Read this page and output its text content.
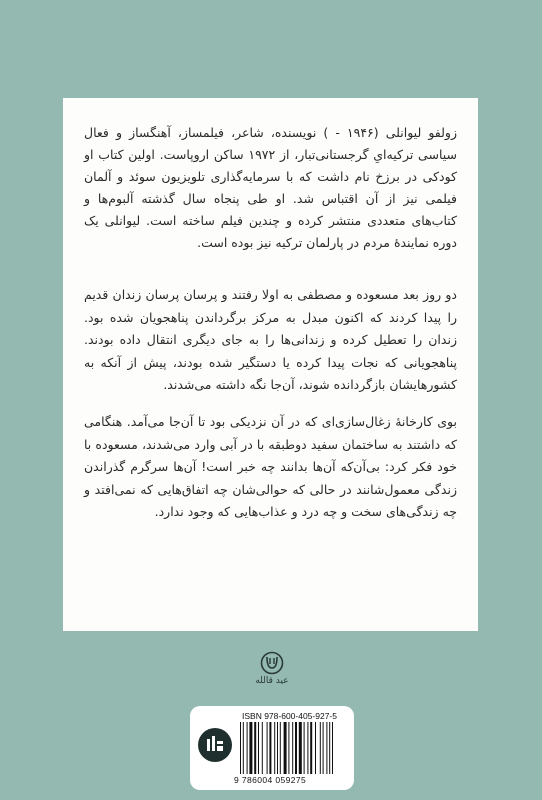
زولفو لیوانلی (۱۹۴۶ - ) نویسنده، شاعر، فیلمساز، آهنگساز و فعال سیاسی ترکیه‌ایِ گرجستانی‌تبار، از ۱۹۷۲ ساکن اروپاست. اولین کتاب او کودکی در برزخ نام داشت که با سرمایه‌گذاری تلویزیون سوئد و آلمان فیلمی نیز از آن اقتباس شد. او طی پنجاه سال گذشته آلبوم‌ها و کتاب‌های متعددی منتشر کرده و چندین فیلم ساخته است. لیوانلی یک دوره نمایندهٔ مردم در پارلمان ترکیه نیز بوده است.

دو روز بعد مسعوده و مصطفی به اولا رفتند و پرسان پرسان زندان قدیم را پیدا کردند که اکنون مبدل به مرکز برگرداندن پناهجویان شده بود. زندان را تعطیل کرده و زندانی‌ها را به جای دیگری انتقال داده بودند. پناهجویانی که نجات پیدا کرده یا دستگیر شده بودند، پیش از آنکه به کشورهایشان بازگردانده شوند، آن‌جا نگه داشته می‌شدند.

بوی کارخانهٔ زغال‌سازی‌ای که در آن نزدیکی بود تا آن‌جا می‌آمد. هنگامی که داشتند به ساختمان سفید دوطبقه با در آبی وارد می‌شدند، مسعوده با خود فکر کرد: بی‌آن‌که آن‌ها بدانند چه خبر است! آن‌ها سرگرم گذراندن زندگی معمول‌شانند در حالی که حوالی‌شان چه اتفاق‌هایی که نمی‌افتد و چه زندگی‌های سخت و چه درد و عذاب‌هایی که وجود ندارد.

عید قالله
ISBN 978-600-405-927-5
9 786004 059275
